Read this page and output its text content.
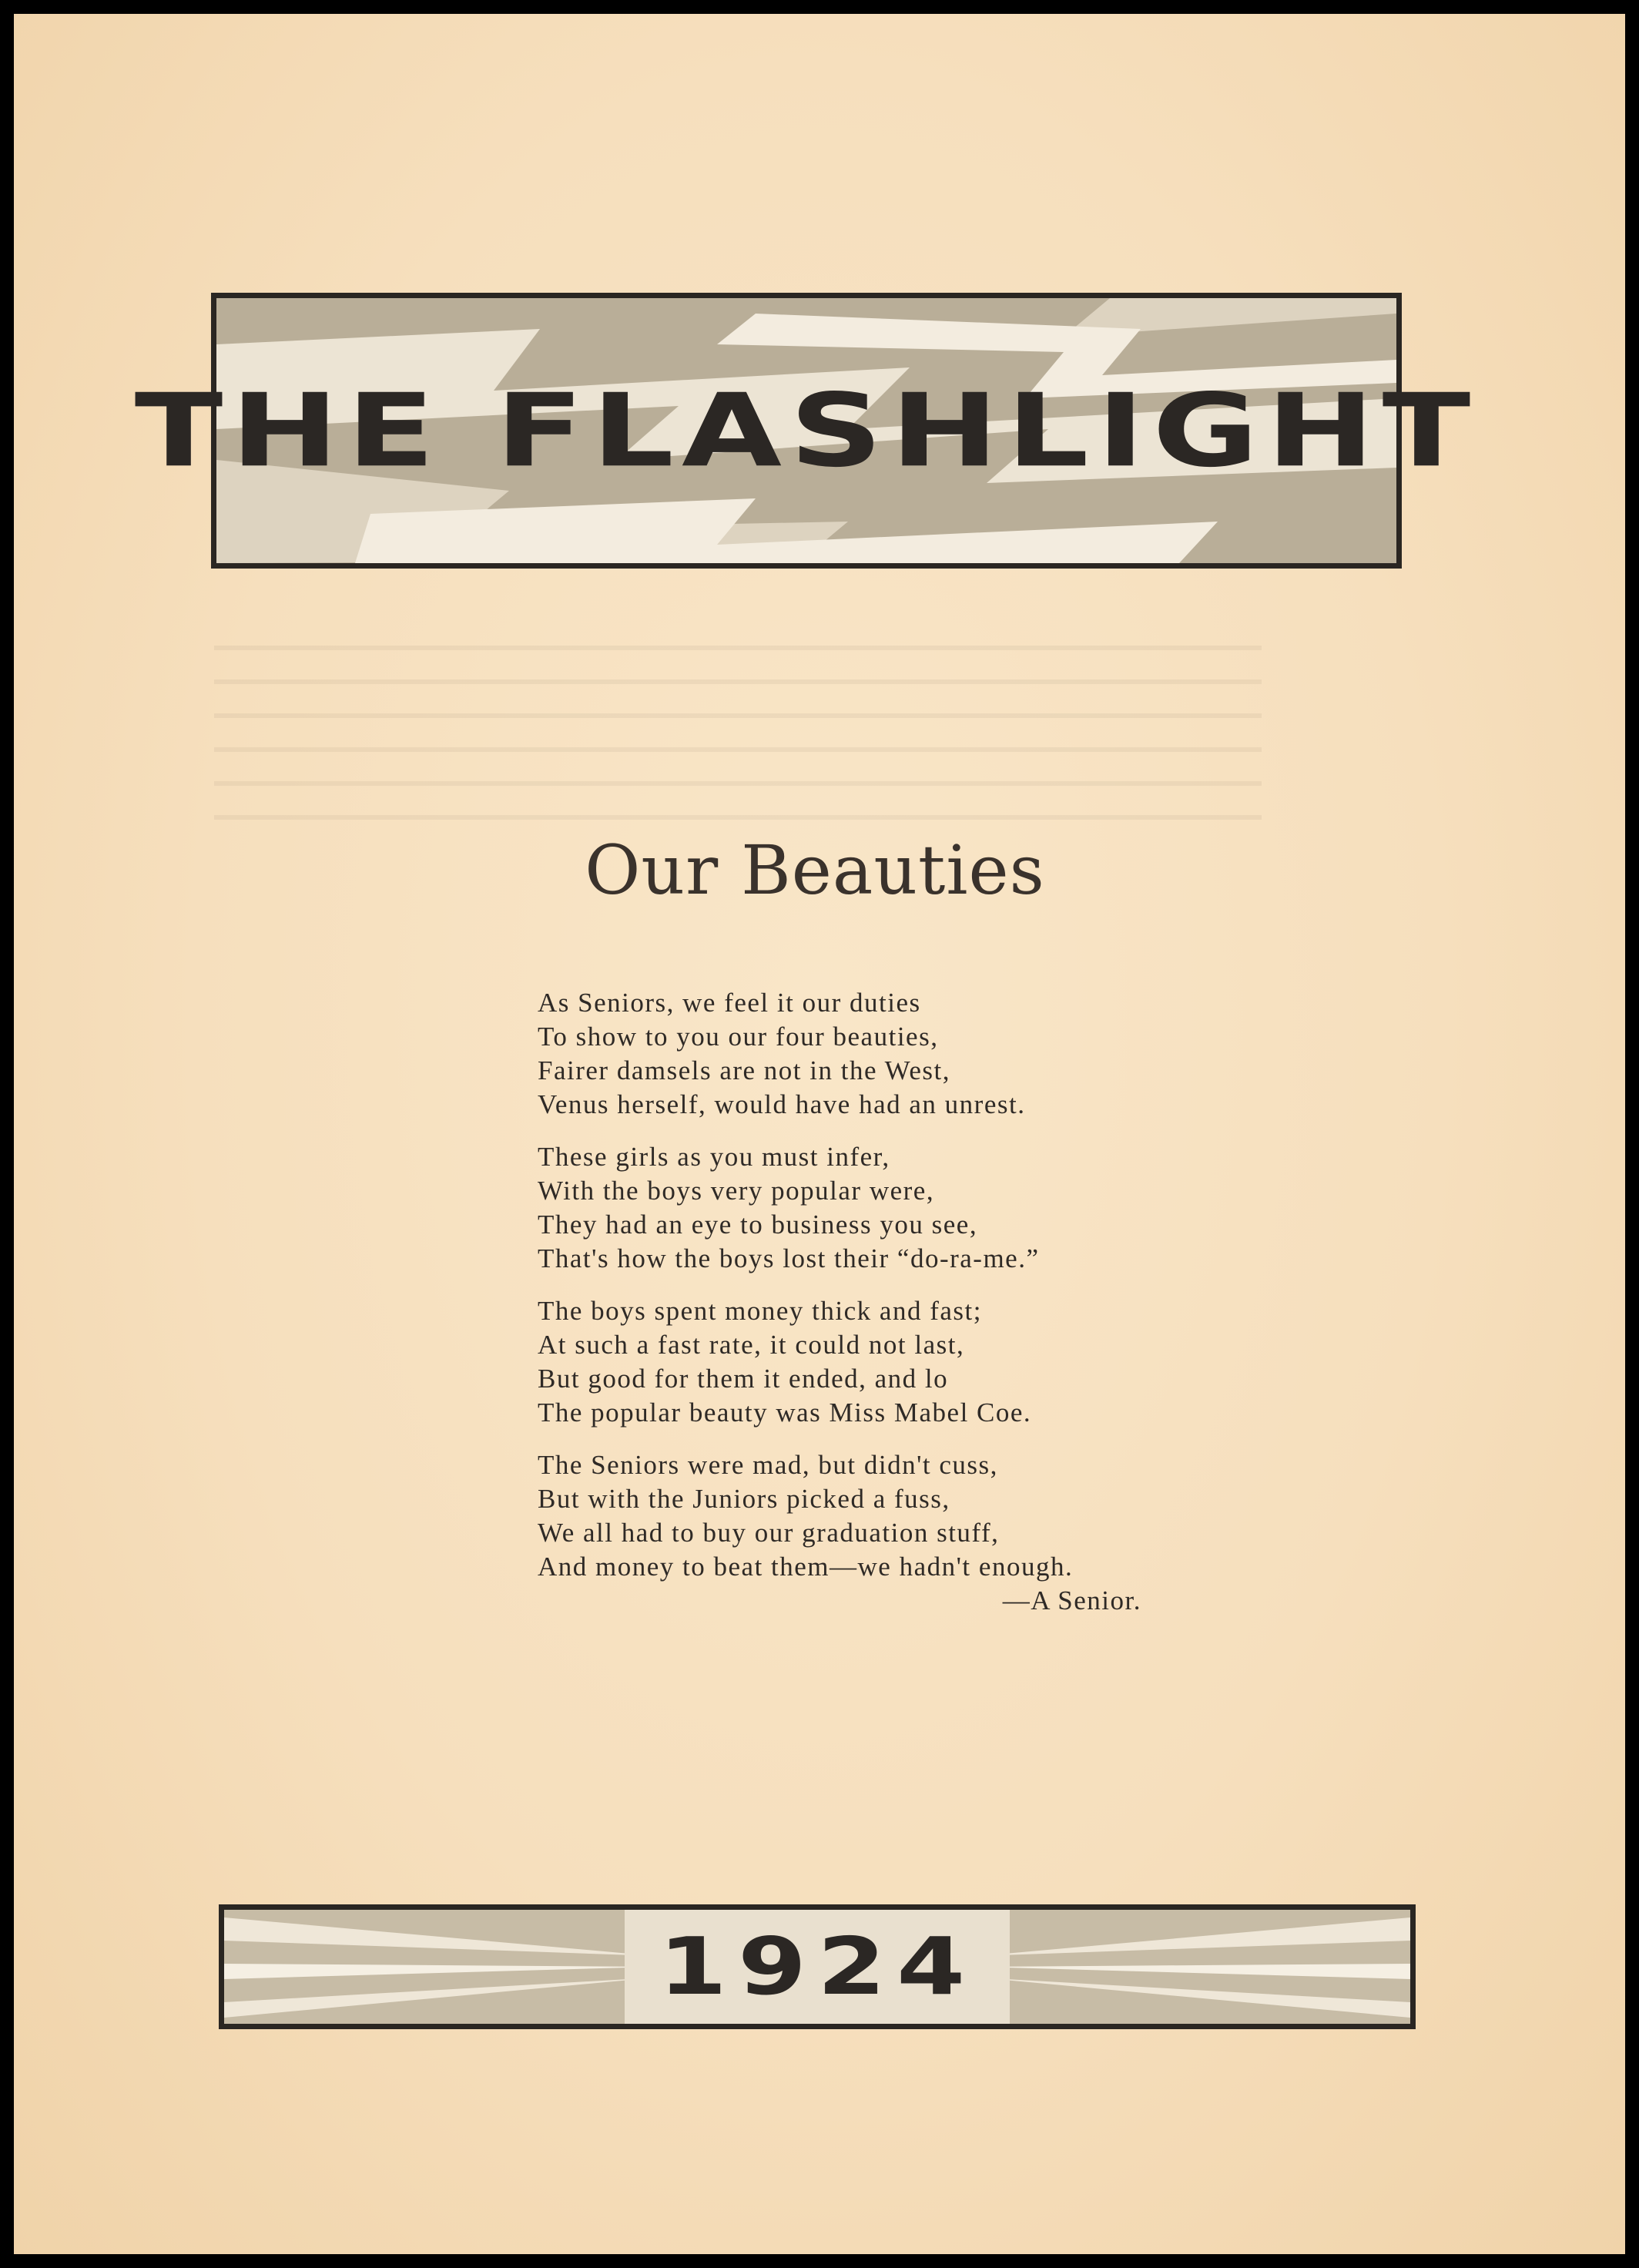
THE FLASHLIGHT
Our Beauties
As Seniors, we feel it our duties
To show to you our four beauties,
Fairer damsels are not in the West,
Venus herself, would have had an unrest.
These girls as you must infer,
With the boys very popular were,
They had an eye to business you see,
That's how the boys lost their “do-ra-me.”
The boys spent money thick and fast;
At such a fast rate, it could not last,
But good for them it ended, and lo
The popular beauty was Miss Mabel Coe.
The Seniors were mad, but didn't cuss,
But with the Juniors picked a fuss,
We all had to buy our graduation stuff,
And money to beat them—we hadn't enough.
—A Senior.
1924
